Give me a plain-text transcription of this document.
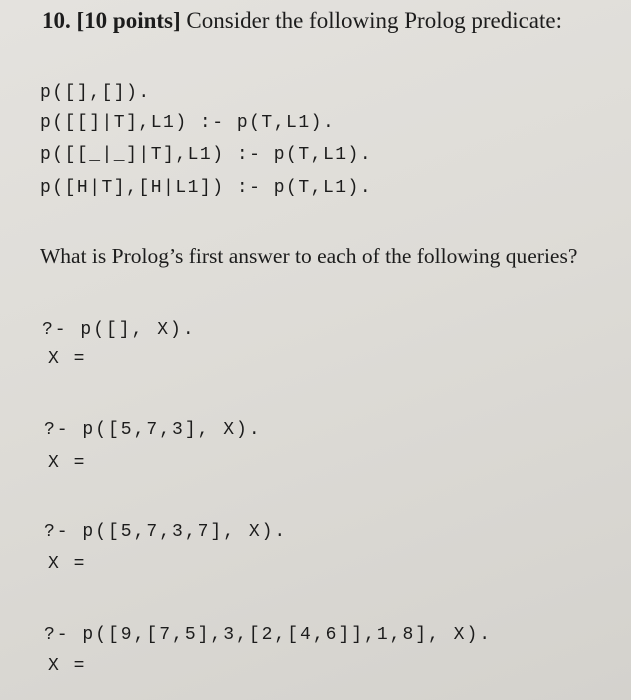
10. [10 points] Consider the following Prolog predicate:
p([],[]).
p([[]|T],L1) :- p(T,L1).
p([[_|_]|T],L1) :- p(T,L1).
p([H|T],[H|L1]) :- p(T,L1).
What is Prolog’s first answer to each of the following queries?
?- p([], X).
X =
?- p([5,7,3], X).
X =
?- p([5,7,3,7], X).
X =
?- p([9,[7,5],3,[2,[4,6]],1,8], X).
X =
